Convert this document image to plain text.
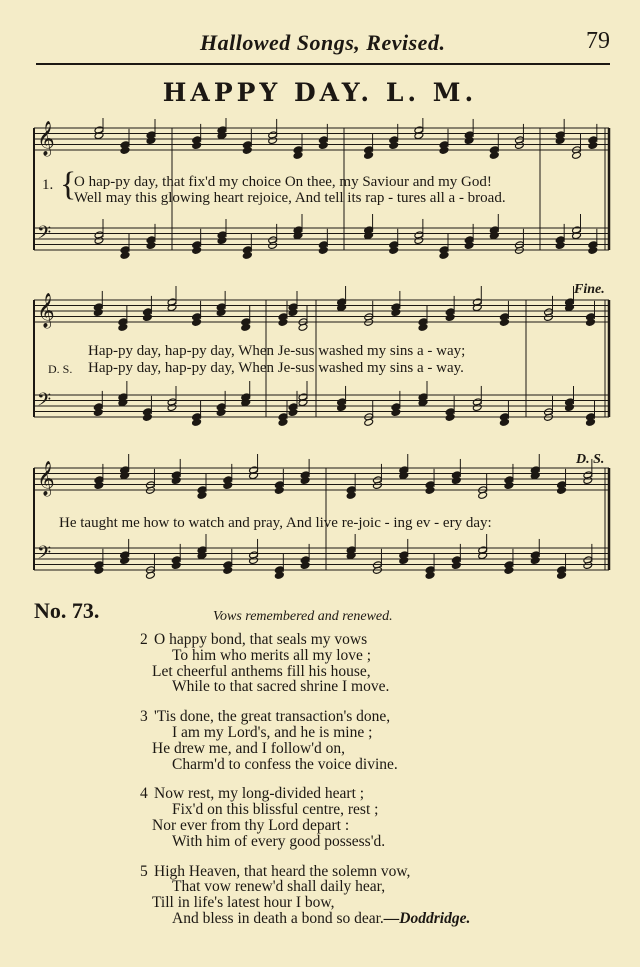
Hallowed Songs, Revised.	79
HAPPY DAY. L. M.
𝄞
𝄢
1. {
O hap-py day, that fix'd my choice On thee, my Saviour and my God!
Well may this glowing heart rejoice, And tell its rap - tures all a - broad.
𝄞
𝄢
Fine.
Hap-py day, hap-py day, When Je-sus washed my sins a - way;
D. S. Hap-py day, hap-py day, When Je-sus washed my sins a - way.
𝄞
𝄢
D. S.
He taught me how to watch and pray, And live re-joic - ing ev - ery day:
No. 73.	Vows remembered and renewed.
2 O happy bond, that seals my vows
To him who merits all my love ;
Let cheerful anthems fill his house,
While to that sacred shrine I move.
3 'Tis done, the great transaction's done,
I am my Lord's, and he is mine ;
He drew me, and I follow'd on,
Charm'd to confess the voice divine.
4 Now rest, my long-divided heart ;
Fix'd on this blissful centre, rest ;
Nor ever from thy Lord depart :
With him of every good possess'd.
5 High Heaven, that heard the solemn vow,
That vow renew'd shall daily hear,
Till in life's latest hour I bow,
And bless in death a bond so dear.—Doddridge.
